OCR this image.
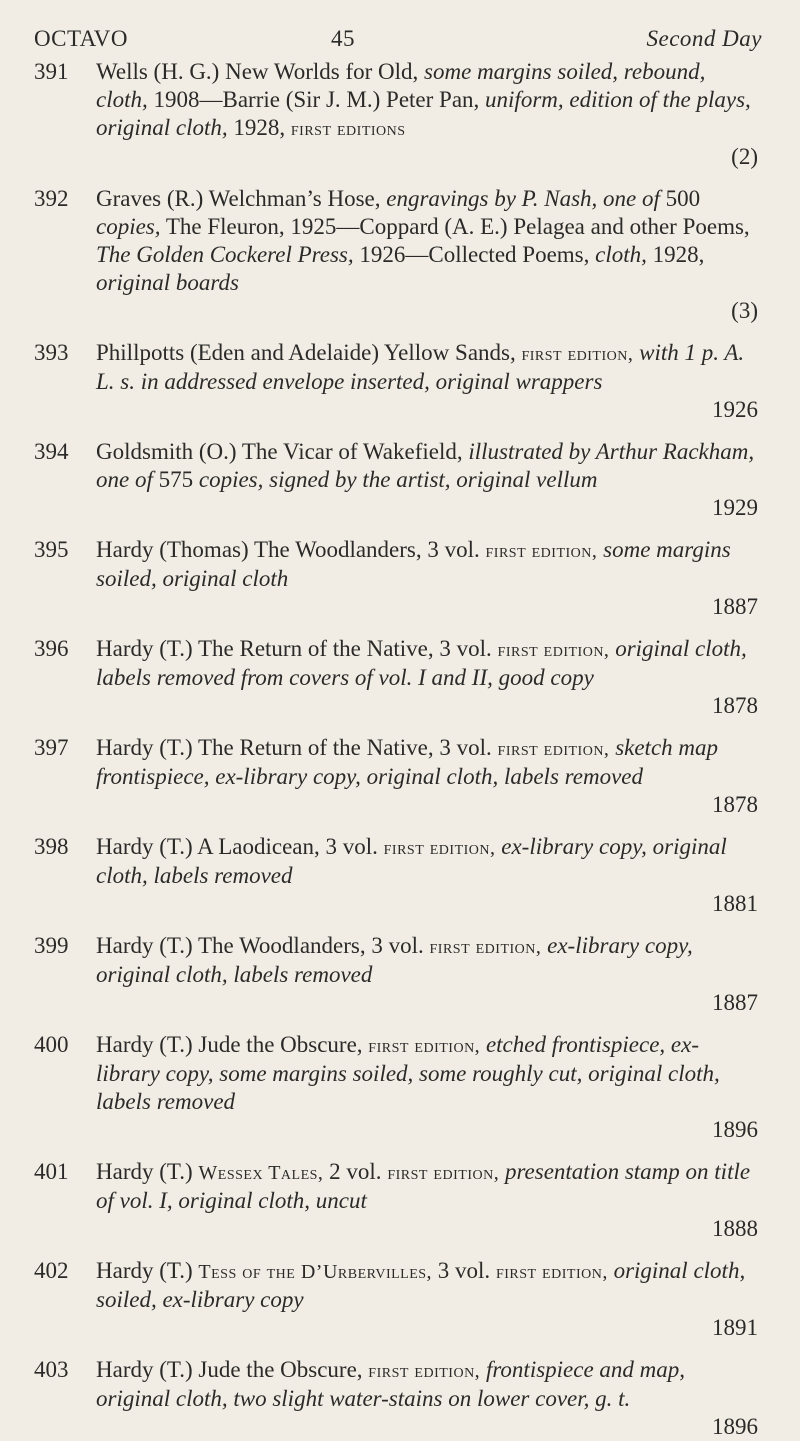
OCTAVO	45	Second Day
391	Wells (H. G.) New Worlds for Old, some margins soiled, rebound, cloth, 1908—Barrie (Sir J. M.) Peter Pan, uniform, edition of the plays, original cloth, 1928, first editions
(2)
392	Graves (R.) Welchman’s Hose, engravings by P. Nash, one of 500 copies, The Fleuron, 1925—Coppard (A. E.) Pelagea and other Poems, The Golden Cockerel Press, 1926—Collected Poems, cloth, 1928, original boards
(3)
393	Phillpotts (Eden and Adelaide) Yellow Sands, first edition, with 1 p. A. L. s. in addressed envelope inserted, original wrappers
1926
394	Goldsmith (O.) The Vicar of Wakefield, illustrated by Arthur Rackham, one of 575 copies, signed by the artist, original vellum
1929
395	Hardy (Thomas) The Woodlanders, 3 vol. first edition, some margins soiled, original cloth
1887
396	Hardy (T.) The Return of the Native, 3 vol. first edition, original cloth, labels removed from covers of vol. I and II, good copy
1878
397	Hardy (T.) The Return of the Native, 3 vol. first edition, sketch map frontispiece, ex-library copy, original cloth, labels removed
1878
398	Hardy (T.) A Laodicean, 3 vol. first edition, ex-library copy, original cloth, labels removed
1881
399	Hardy (T.) The Woodlanders, 3 vol. first edition, ex-library copy, original cloth, labels removed
1887
400	Hardy (T.) Jude the Obscure, first edition, etched frontispiece, ex-library copy, some margins soiled, some roughly cut, original cloth, labels removed
1896
401	Hardy (T.) Wessex Tales, 2 vol. first edition, presentation stamp on title of vol. I, original cloth, uncut
1888
402	Hardy (T.) Tess of the D’Urbervilles, 3 vol. first edition, original cloth, soiled, ex-library copy
1891
403	Hardy (T.) Jude the Obscure, first edition, frontispiece and map, original cloth, two slight water-stains on lower cover, g. t.
1896
